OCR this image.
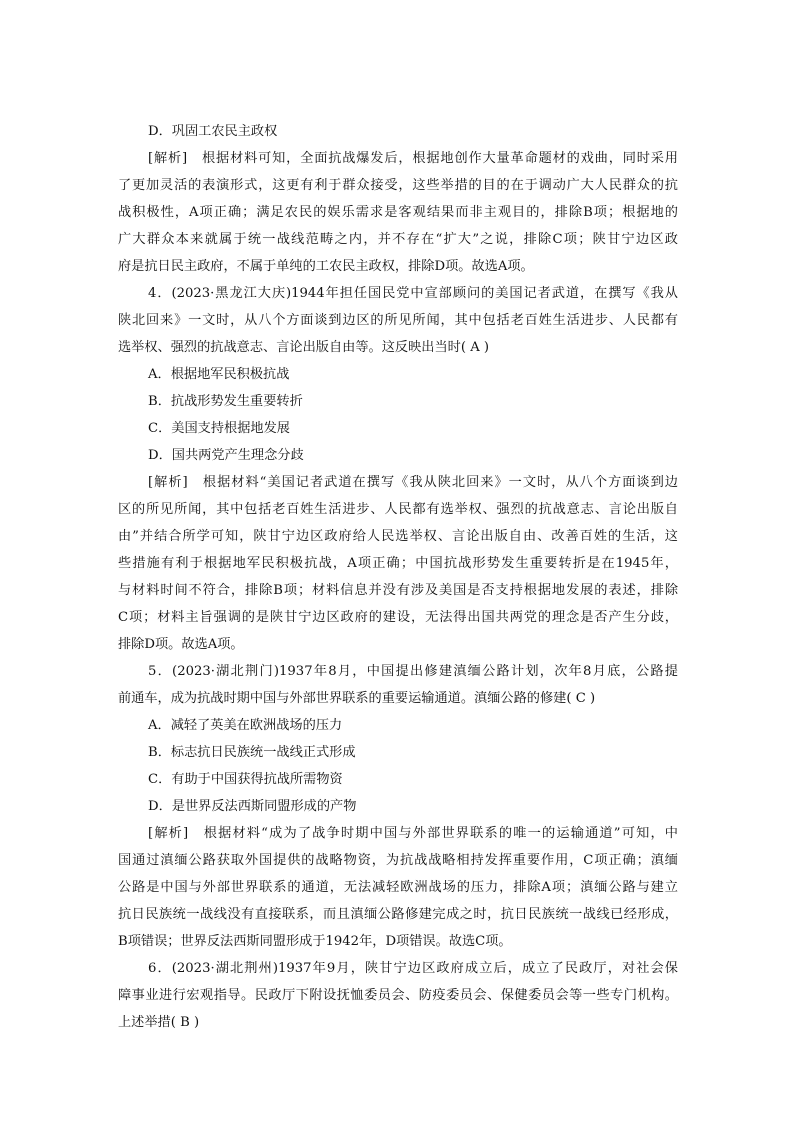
D．巩固工农民主政权
[解析]　根据材料可知，全面抗战爆发后，根据地创作大量革命题材的戏曲，同时采用
了更加灵活的表演形式，这更有利于群众接受，这些举措的目的在于调动广大人民群众的抗
战积极性，A项正确；满足农民的娱乐需求是客观结果而非主观目的，排除B项；根据地的
广大群众本来就属于统一战线范畴之内，并不存在“扩大”之说，排除C项；陕甘宁边区政
府是抗日民主政府，不属于单纯的工农民主政权，排除D项。故选A项。
4．(2023·黑龙江大庆)1944年担任国民党中宣部顾问的美国记者武道，在撰写《我从
陕北回来》一文时，从八个方面谈到边区的所见所闻，其中包括老百姓生活进步、人民都有
选举权、强烈的抗战意志、言论出版自由等。这反映出当时( A )
A．根据地军民积极抗战
B．抗战形势发生重要转折
C．美国支持根据地发展
D．国共两党产生理念分歧
[解析]　根据材料“美国记者武道在撰写《我从陕北回来》一文时，从八个方面谈到边
区的所见所闻，其中包括老百姓生活进步、人民都有选举权、强烈的抗战意志、言论出版自
由”并结合所学可知，陕甘宁边区政府给人民选举权、言论出版自由、改善百姓的生活，这
些措施有利于根据地军民积极抗战，A项正确；中国抗战形势发生重要转折是在1945年，
与材料时间不符合，排除B项；材料信息并没有涉及美国是否支持根据地发展的表述，排除
C项；材料主旨强调的是陕甘宁边区政府的建设，无法得出国共两党的理念是否产生分歧，
排除D项。故选A项。
5．(2023·湖北荆门)1937年8月，中国提出修建滇缅公路计划，次年8月底，公路提
前通车，成为抗战时期中国与外部世界联系的重要运输通道。滇缅公路的修建( C )
A．减轻了英美在欧洲战场的压力
B．标志抗日民族统一战线正式形成
C．有助于中国获得抗战所需物资
D．是世界反法西斯同盟形成的产物
[解析]　根据材料“成为了战争时期中国与外部世界联系的唯一的运输通道”可知，中
国通过滇缅公路获取外国提供的战略物资，为抗战战略相持发挥重要作用，C项正确；滇缅
公路是中国与外部世界联系的通道，无法减轻欧洲战场的压力，排除A项；滇缅公路与建立
抗日民族统一战线没有直接联系，而且滇缅公路修建完成之时，抗日民族统一战线已经形成，
B项错误；世界反法西斯同盟形成于1942年，D项错误。故选C项。
6．(2023·湖北荆州)1937年9月，陕甘宁边区政府成立后，成立了民政厅，对社会保
障事业进行宏观指导。民政厅下附设抚恤委员会、防疫委员会、保健委员会等一些专门机构。
上述举措( B )
